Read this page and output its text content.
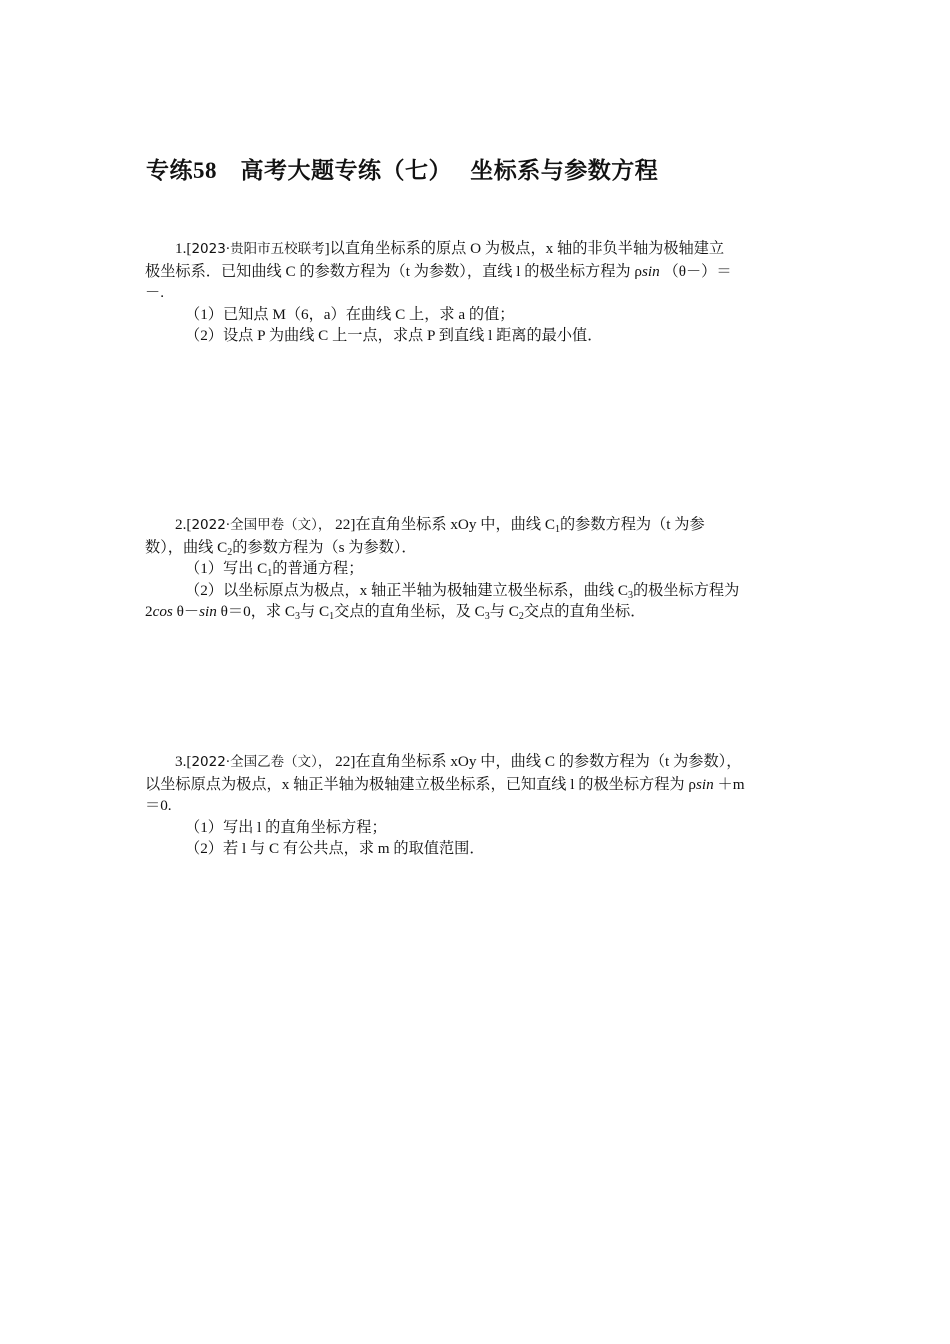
专练58　高考大题专练（七）　 坐标系与参数方程

1.[2023·贵阳市五校联考]以直角坐标系的原点 O 为极点，x 轴的非负半轴为极轴建立

极坐标系．已知曲线 C 的参数方程为（t 为参数），直线 l 的极坐标方程为 ρsin （θ－）＝

－.

（1）已知点 M（6，a）在曲线 C 上，求 a 的值；

（2）设点 P 为曲线 C 上一点，求点 P 到直线 l 距离的最小值．

2.[2022·全国甲卷（文）， 22]在直角坐标系 xOy 中，曲线 $C_1$的参数方程为（t 为参

数），曲线 $C_2$的参数方程为（s 为参数）．

（1）写出 $C_1$的普通方程；

（2）以坐标原点为极点，x 轴正半轴为极轴建立极坐标系，曲线 $C_3$的极坐标方程为

2cos θ－sin θ＝0，求 $C_3$与 $C_1$交点的直角坐标，及 $C_3$与 $C_2$交点的直角坐标．

3.[2022·全国乙卷（文）， 22]在直角坐标系 xOy 中，曲线 C 的参数方程为（t 为参数），

以坐标原点为极点，x 轴正半轴为极轴建立极坐标系，已知直线 l 的极坐标方程为 ρsin ＋m

＝0.

（1）写出 l 的直角坐标方程；

（2）若 l 与 C 有公共点，求 m 的取值范围．
